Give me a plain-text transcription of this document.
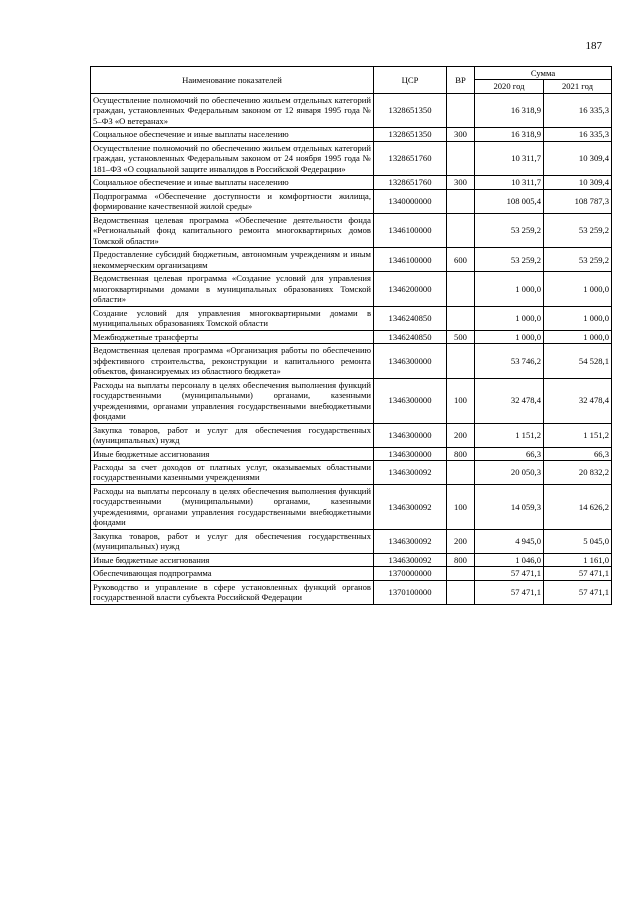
187
Наименование показателей	ЦСР	ВР	Сумма	
			2020 год	2021 год
Осуществление полномочий по обеспечению жильем отдельных категорий граждан, установленных Федеральным законом от 12 января 1995 года № 5–ФЗ «О ветеранах»	1328651350		16 318,9	16 335,3
Социальное обеспечение и иные выплаты населению	1328651350	300	16 318,9	16 335,3
Осуществление полномочий по обеспечению жильем отдельных категорий граждан, установленных Федеральным законом от 24 ноября 1995 года № 181–ФЗ «О социальной защите инвалидов в Российской Федерации»	1328651760		10 311,7	10 309,4
Социальное обеспечение и иные выплаты населению	1328651760	300	10 311,7	10 309,4
Подпрограмма «Обеспечение доступности и комфортности жилища, формирование качественной жилой среды»	1340000000		108 005,4	108 787,3
Ведомственная целевая программа «Обеспечение деятельности фонда «Региональный фонд капитального ремонта многоквартирных домов Томской области»	1346100000		53 259,2	53 259,2
Предоставление субсидий бюджетным, автономным учреждениям и иным некоммерческим организациям	1346100000	600	53 259,2	53 259,2
Ведомственная целевая программа «Создание условий для управления многоквартирными домами в муниципальных образованиях Томской области»	1346200000		1 000,0	1 000,0
Создание условий для управления многоквартирными домами в муниципальных образованиях Томской области	1346240850		1 000,0	1 000,0
Межбюджетные трансферты	1346240850	500	1 000,0	1 000,0
Ведомственная целевая программа «Организация работы по обеспечению эффективного строительства, реконструкции и капитального ремонта объектов, финансируемых из областного бюджета»	1346300000		53 746,2	54 528,1
Расходы на выплаты персоналу в целях обеспечения выполнения функций государственными (муниципальными) органами, казенными учреждениями, органами управления государственными внебюджетными фондами	1346300000	100	32 478,4	32 478,4
Закупка товаров, работ и услуг для обеспечения государственных (муниципальных) нужд	1346300000	200	1 151,2	1 151,2
Иные бюджетные ассигнования	1346300000	800	66,3	66,3
Расходы за счет доходов от платных услуг, оказываемых областными государственными казенными учреждениями	1346300092		20 050,3	20 832,2
Расходы на выплаты персоналу в целях обеспечения выполнения функций государственными (муниципальными) органами, казенными учреждениями, органами управления государственными внебюджетными фондами	1346300092	100	14 059,3	14 626,2
Закупка товаров, работ и услуг для обеспечения государственных (муниципальных) нужд	1346300092	200	4 945,0	5 045,0
Иные бюджетные ассигнования	1346300092	800	1 046,0	1 161,0
Обеспечивающая подпрограмма	1370000000		57 471,1	57 471,1
Руководство и управление в сфере установленных функций органов государственной власти субъекта Российской Федерации	1370100000		57 471,1	57 471,1
